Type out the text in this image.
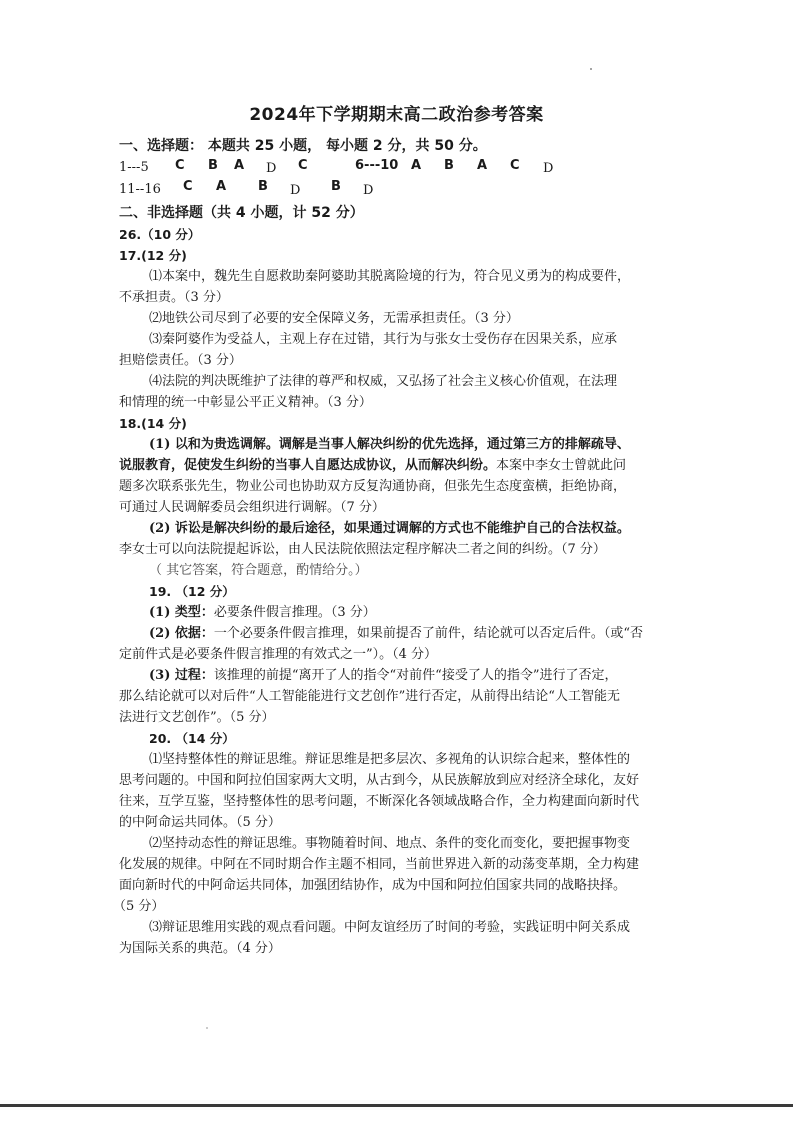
2024年下学期期末高二政治参考答案
一、选择题： 本题共 25 小题， 每小题 2 分，共 50 分。
1---5 C B A D C	6---10 A B A C D
11--16 C A B D B D
二、非选择题（共 4 小题，计 52 分）
26.（10 分）
17.(12 分)
⑴本案中，魏先生自愿救助秦阿婆助其脱离险境的行为，符合见义勇为的构成要件，
不承担责。（3 分）
⑵地铁公司尽到了必要的安全保障义务，无需承担责任。（3 分）
⑶秦阿婆作为受益人，主观上存在过错，其行为与张女士受伤存在因果关系，应承
担赔偿责任。（3 分）
⑷法院的判决既维护了法律的尊严和权威，又弘扬了社会主义核心价值观，在法理
和情理的统一中彰显公平正义精神。（3 分）
18.(14 分)
(1) 以和为贵选调解。调解是当事人解决纠纷的优先选择，通过第三方的排解疏导、
说服教育，促使发生纠纷的当事人自愿达成协议，从而解决纠纷。本案中李女士曾就此问
题多次联系张先生，物业公司也协助双方反复沟通协商，但张先生态度蛮横，拒绝协商，
可通过人民调解委员会组织进行调解。（7 分）
(2) 诉讼是解决纠纷的最后途径，如果通过调解的方式也不能维护自己的合法权益。
李女士可以向法院提起诉讼，由人民法院依照法定程序解决二者之间的纠纷。（7 分）
（ 其它答案，符合题意，酌情给分。）
19. （12 分）
(1) 类型：必要条件假言推理。（3 分）
(2) 依据：一个必要条件假言推理，如果前提否了前件，结论就可以否定后件。（或“否
定前件式是必要条件假言推理的有效式之一”）。（4 分）
(3) 过程：该推理的前提“离开了人的指令“对前件“接受了人的指令”进行了否定，
那么结论就可以对后件“人工智能能进行文艺创作”进行否定，从前得出结论“人工智能无
法进行文艺创作”。（5 分）
20. （14 分）
⑴坚持整体性的辩证思维。辩证思维是把多层次、多视角的认识综合起来，整体性的
思考问题的。中国和阿拉伯国家两大文明，从古到今，从民族解放到应对经济全球化，友好
往来，互学互鉴，坚持整体性的思考问题，不断深化各领域战略合作，全力构建面向新时代
的中阿命运共同体。（5 分）
⑵坚持动态性的辩证思维。事物随着时间、地点、条件的变化而变化，要把握事物变
化发展的规律。中阿在不同时期合作主题不相同，当前世界进入新的动荡变革期，全力构建
面向新时代的中阿命运共同体，加强团结协作，成为中国和阿拉伯国家共同的战略抉择。
（5 分）
⑶辩证思维用实践的观点看问题。中阿友谊经历了时间的考验，实践证明中阿关系成
为国际关系的典范。（4 分）
